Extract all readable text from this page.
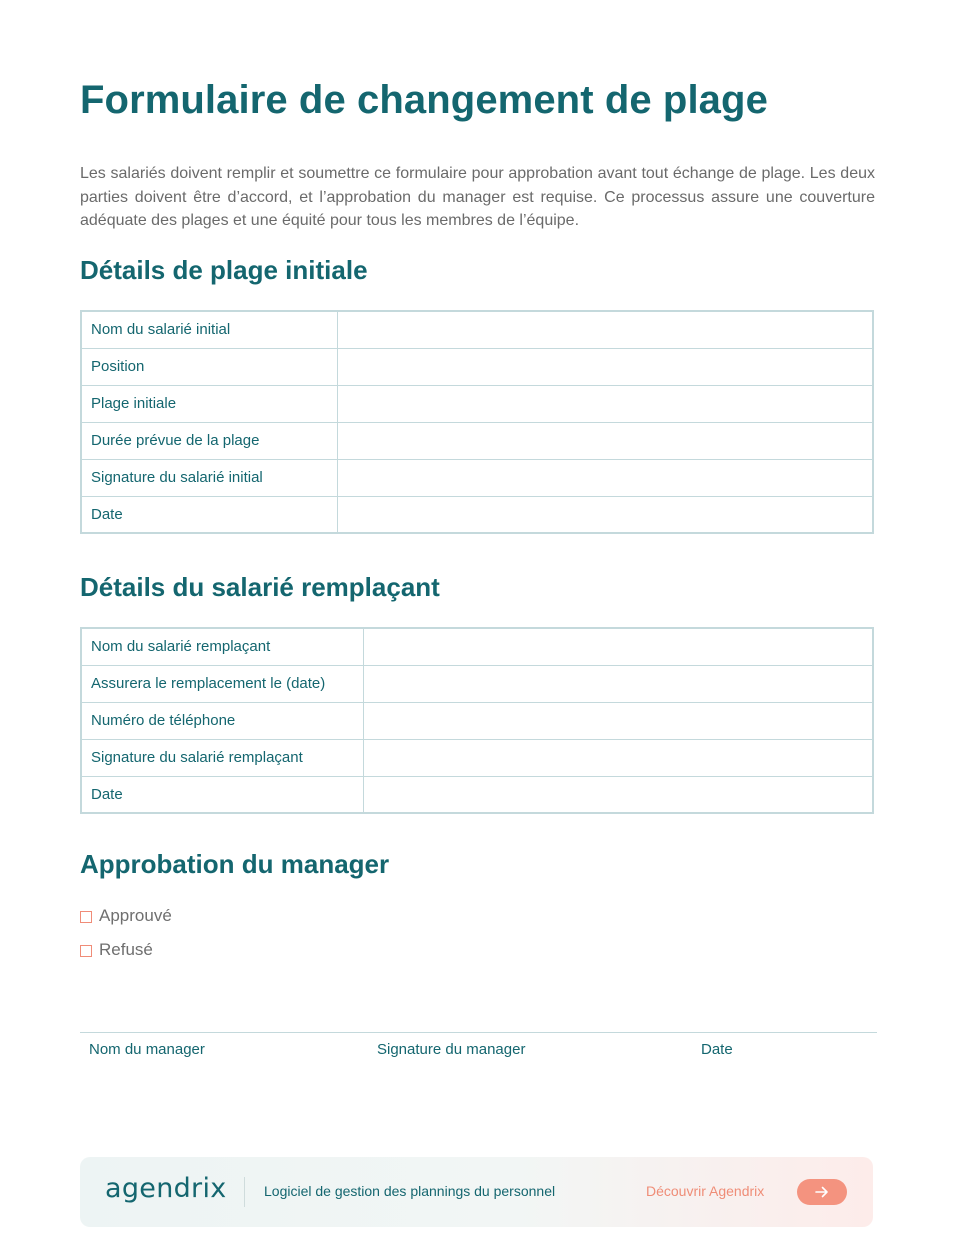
Formulaire de changement de plage

Les salariés doivent remplir et soumettre ce formulaire pour approbation avant tout échange de plage. Les deux parties doivent être d’accord, et l’approbation du manager est requise. Ce processus assure une couverture adéquate des plages et une équité pour tous les membres de l’équipe.

Détails de plage initiale
Nom du salarié initial	
Position	
Plage initiale	
Durée prévue de la plage	
Signature du salarié initial	
Date	
Détails du salarié remplaçant
Nom du salarié remplaçant	
Assurera le remplacement le (date)	
Numéro de téléphone	
Signature du salarié remplaçant	
Date	
Approbation du manager
Approuvé
Refusé
Nom du manager	Signature du manager	Date
agendrix	Logiciel de gestion des plannings du personnel	Découvrir Agendrix
